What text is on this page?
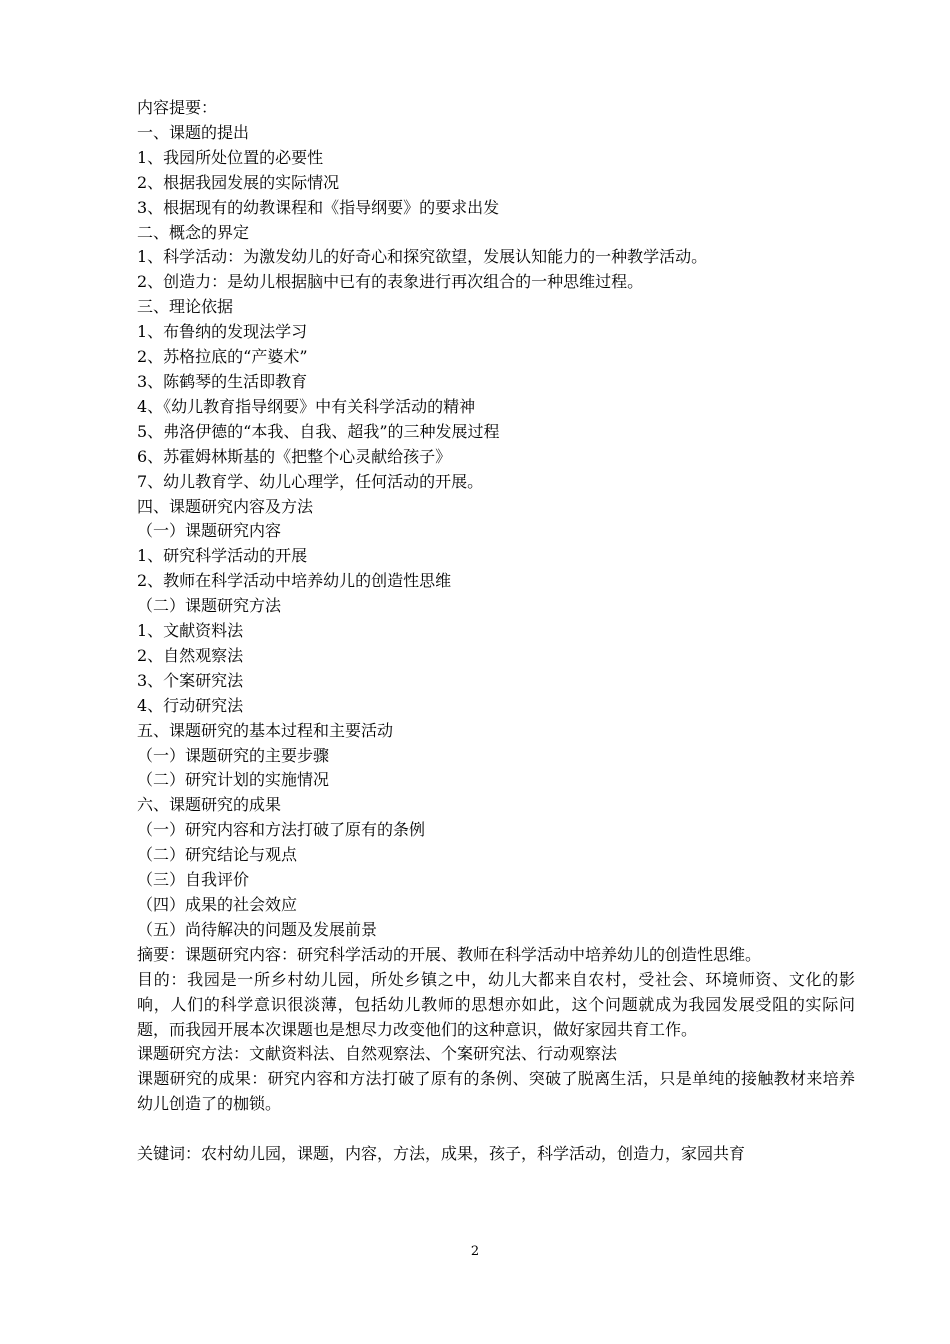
内容提要：

一、课题的提出

1、我园所处位置的必要性

2、根据我园发展的实际情况

3、根据现有的幼教课程和《指导纲要》的要求出发

二、概念的界定

1、科学活动：为激发幼儿的好奇心和探究欲望，发展认知能力的一种教学活动。

2、创造力：是幼儿根据脑中已有的表象进行再次组合的一种思维过程。

三、理论依据

1、布鲁纳的发现法学习

2、苏格拉底的“产婆术”

3、陈鹤琴的生活即教育

4、《幼儿教育指导纲要》中有关科学活动的精神

5、弗洛伊德的“本我、自我、超我”的三种发展过程

6、苏霍姆林斯基的《把整个心灵献给孩子》

7、幼儿教育学、幼儿心理学，任何活动的开展。

四、课题研究内容及方法

（一）课题研究内容

1、研究科学活动的开展

2、教师在科学活动中培养幼儿的创造性思维

（二）课题研究方法

1、文献资料法

2、自然观察法

3、个案研究法

4、行动研究法

五、课题研究的基本过程和主要活动

（一）课题研究的主要步骤

（二）研究计划的实施情况

六、课题研究的成果

（一）研究内容和方法打破了原有的条例

（二）研究结论与观点

（三）自我评价

（四）成果的社会效应

（五）尚待解决的问题及发展前景

摘要：课题研究内容：研究科学活动的开展、教师在科学活动中培养幼儿的创造性思维。

目的：我园是一所乡村幼儿园，所处乡镇之中，幼儿大都来自农村，受社会、环境师资、文化的影响，人们的科学意识很淡薄，包括幼儿教师的思想亦如此，这个问题就成为我园发展受阻的实际问题，而我园开展本次课题也是想尽力改变他们的这种意识，做好家园共育工作。

课题研究方法：文献资料法、自然观察法、个案研究法、行动观察法

课题研究的成果：研究内容和方法打破了原有的条例、突破了脱离生活，只是单纯的接触教材来培养幼儿创造了的枷锁。

关键词：农村幼儿园，课题，内容，方法，成果，孩子，科学活动，创造力，家园共育

2
